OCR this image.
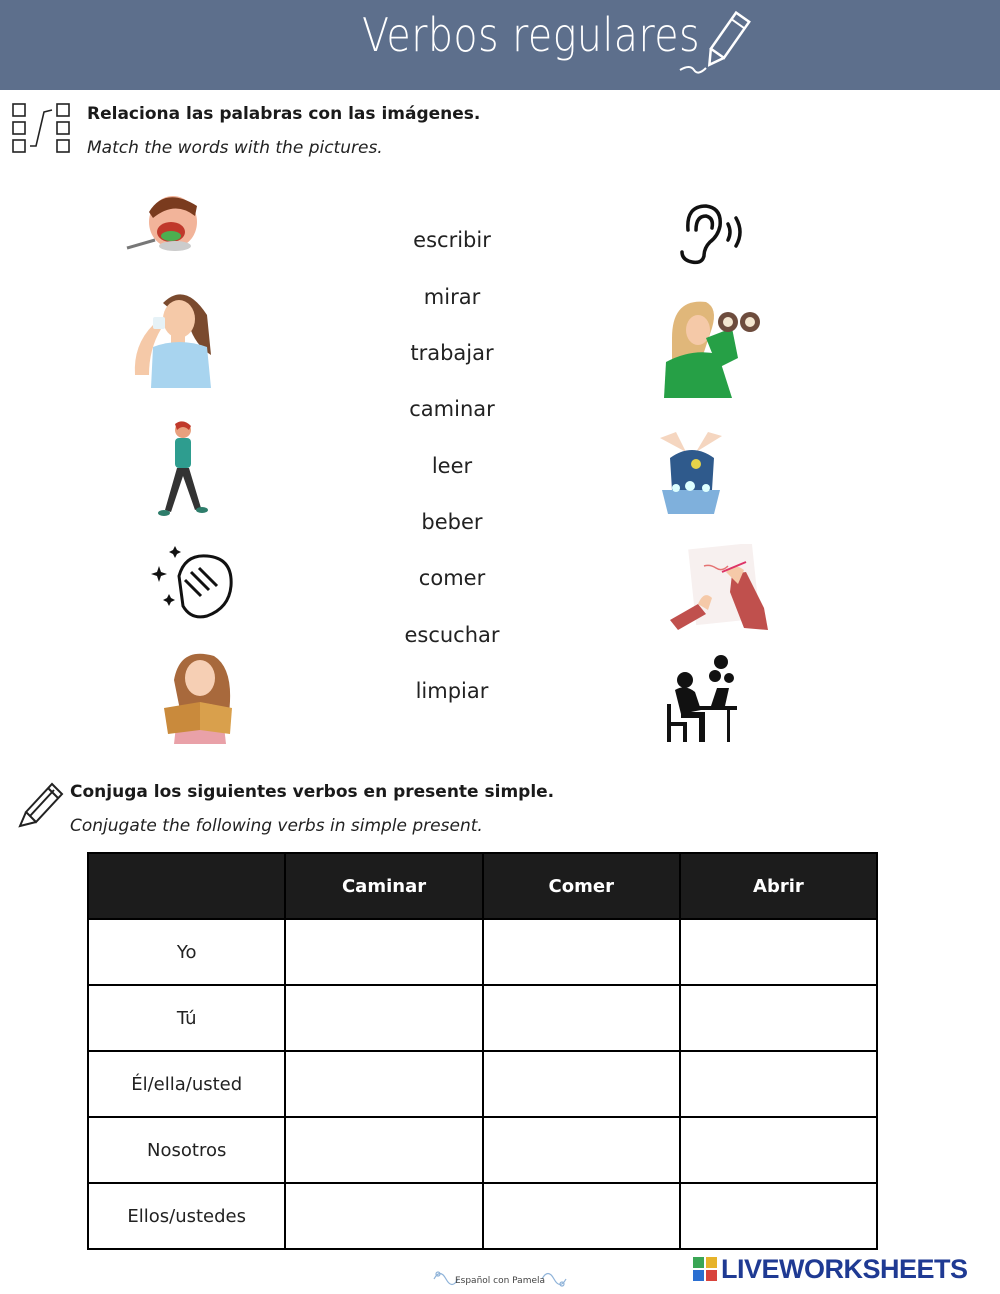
Verbos regulares
Relaciona las palabras con las imágenes.
Match the words with the pictures.
escribir
mirar
trabajar
caminar
leer
beber
comer
escuchar
limpiar
Conjuga los siguientes verbos en presente simple.
Conjugate the following verbs in simple present.
	Caminar	Comer	Abrir
Yo			
Tú			
Él/ella/usted			
Nosotros			
Ellos/ustedes			
Español con Pamela	LIVEWORKSHEETS
